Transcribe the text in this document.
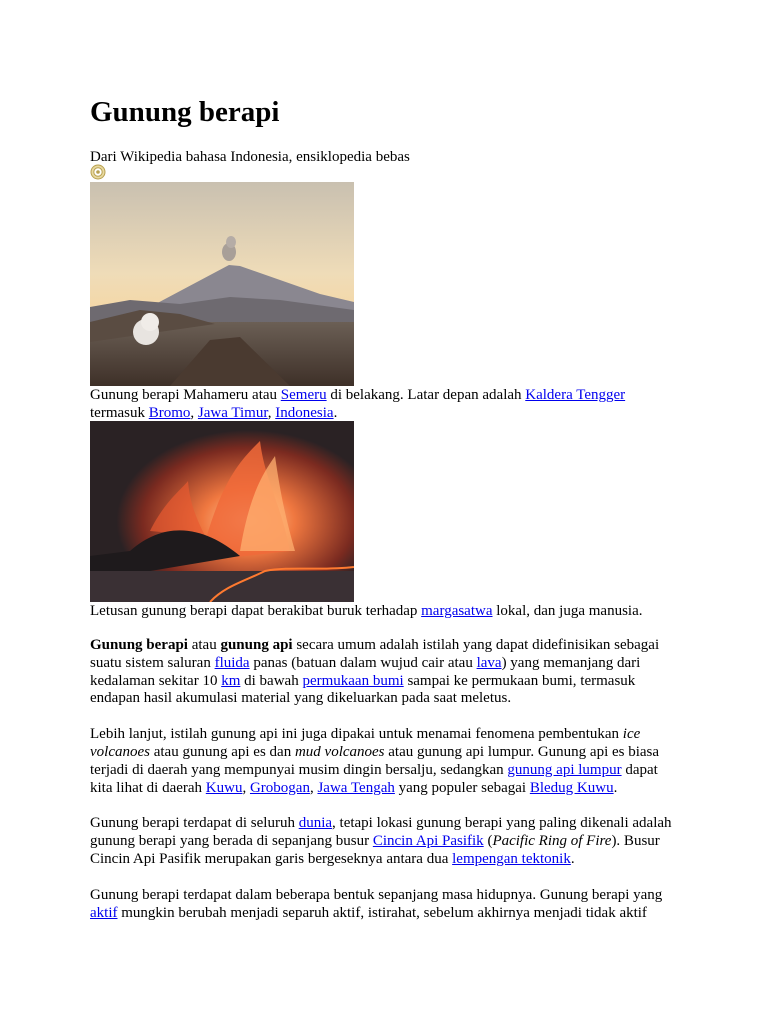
Gunung berapi
Dari Wikipedia bahasa Indonesia, ensiklopedia bebas
Gunung berapi Mahameru atau Semeru di belakang. Latar depan adalah Kaldera Tengger termasuk Bromo, Jawa Timur, Indonesia.
Letusan gunung berapi dapat berakibat buruk terhadap margasatwa lokal, dan juga manusia.

Gunung berapi atau gunung api secara umum adalah istilah yang dapat didefinisikan sebagai suatu sistem saluran fluida panas (batuan dalam wujud cair atau lava) yang memanjang dari kedalaman sekitar 10 km di bawah permukaan bumi sampai ke permukaan bumi, termasuk endapan hasil akumulasi material yang dikeluarkan pada saat meletus.

Lebih lanjut, istilah gunung api ini juga dipakai untuk menamai fenomena pembentukan ice volcanoes atau gunung api es dan mud volcanoes atau gunung api lumpur. Gunung api es biasa terjadi di daerah yang mempunyai musim dingin bersalju, sedangkan gunung api lumpur dapat kita lihat di daerah Kuwu, Grobogan, Jawa Tengah yang populer sebagai Bledug Kuwu.

Gunung berapi terdapat di seluruh dunia, tetapi lokasi gunung berapi yang paling dikenali adalah gunung berapi yang berada di sepanjang busur Cincin Api Pasifik (Pacific Ring of Fire). Busur Cincin Api Pasifik merupakan garis bergeseknya antara dua lempengan tektonik.

Gunung berapi terdapat dalam beberapa bentuk sepanjang masa hidupnya. Gunung berapi yang aktif mungkin berubah menjadi separuh aktif, istirahat, sebelum akhirnya menjadi tidak aktif
